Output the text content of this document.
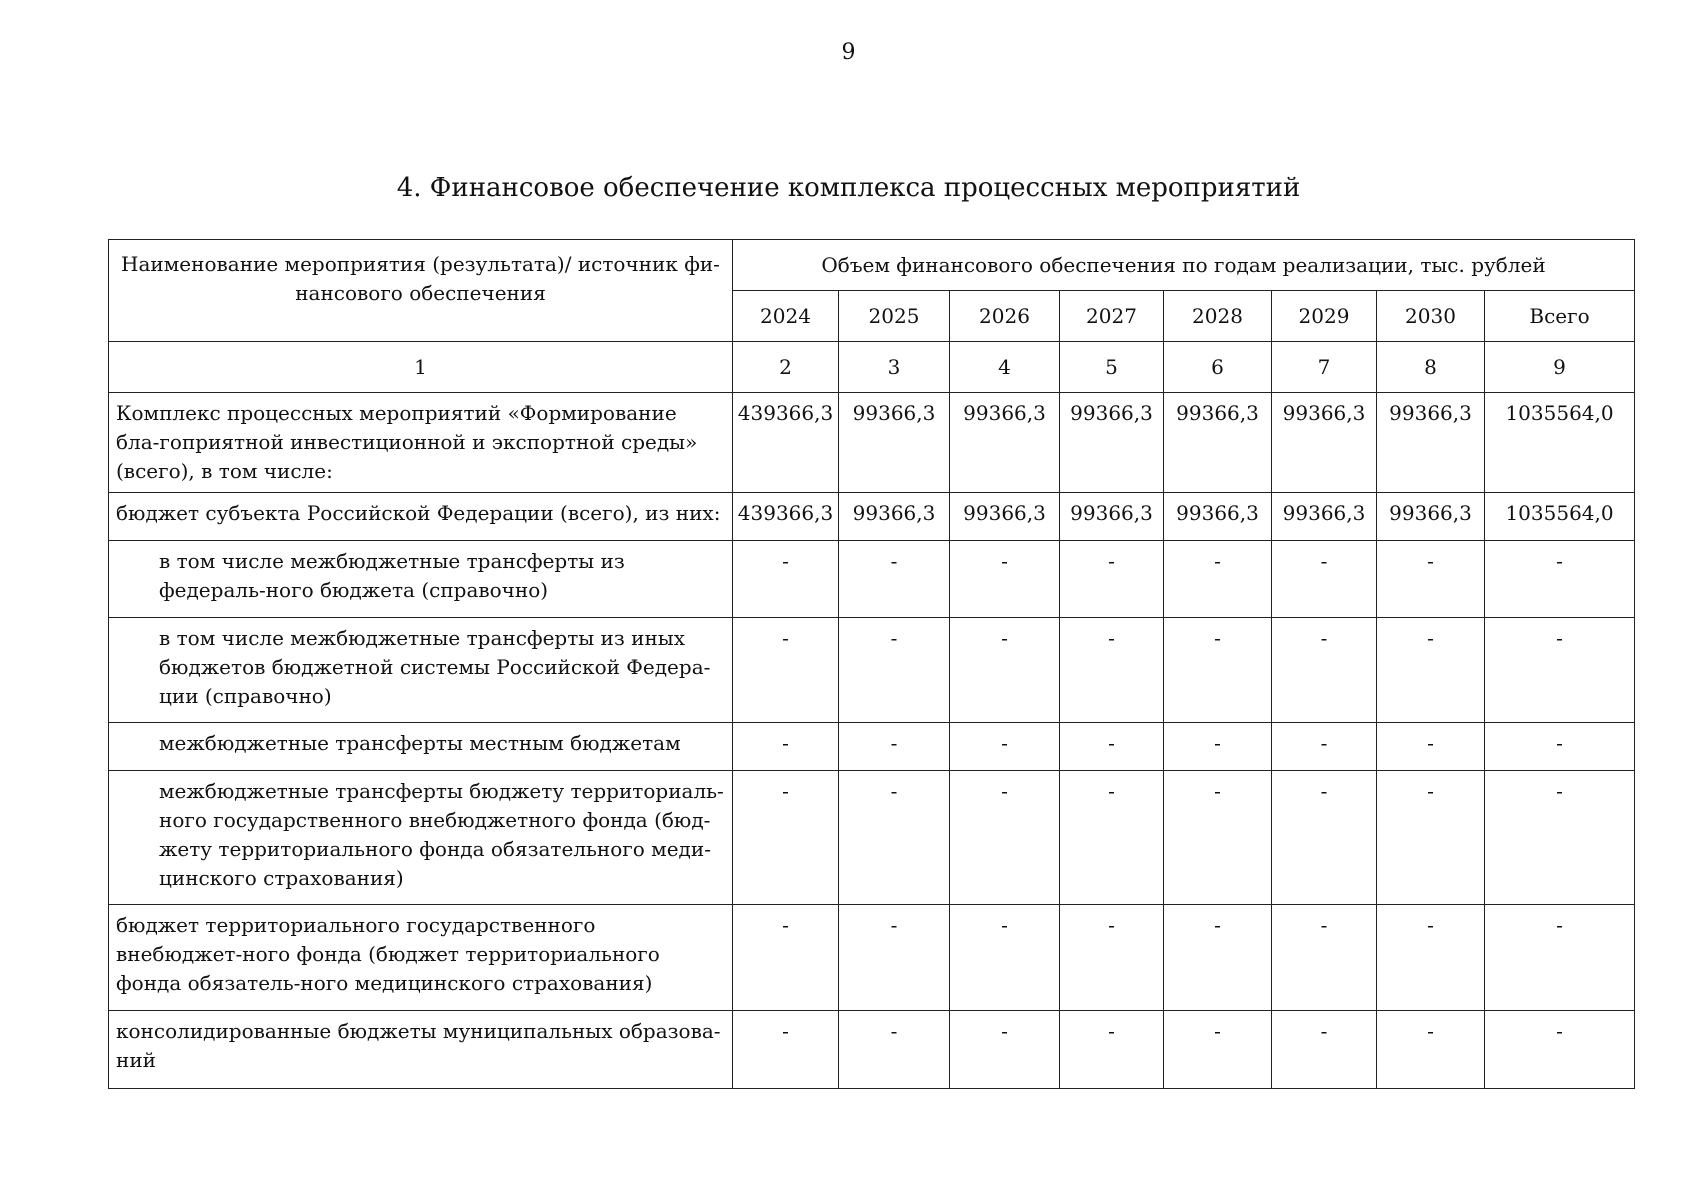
9
4. Финансовое обеспечение комплекса процессных мероприятий
Наименование мероприятия (результата)/ источник фи-нансового обеспечения	Объем финансового обеспечения по годам реализации, тыс. рублей							
	2024	2025	2026	2027	2028	2029	2030	Всего
1	2	3	4	5	6	7	8	9
Комплекс процессных мероприятий «Формирование бла-гоприятной инвестиционной и экспортной среды» (всего), в том числе:	439366,3	99366,3	99366,3	99366,3	99366,3	99366,3	99366,3	1035564,0
бюджет субъекта Российской Федерации (всего), из них:	439366,3	99366,3	99366,3	99366,3	99366,3	99366,3	99366,3	1035564,0
в том числе межбюджетные трансферты из федераль-ного бюджета (справочно)	-	-	-	-	-	-	-	-
в том числе межбюджетные трансферты из иных бюджетов бюджетной системы Российской Федера-ции (справочно)	-	-	-	-	-	-	-	-
межбюджетные трансферты местным бюджетам	-	-	-	-	-	-	-	-
межбюджетные трансферты бюджету территориаль-ного государственного внебюджетного фонда (бюд-жету территориального фонда обязательного меди-цинского страхования)	-	-	-	-	-	-	-	-
бюджет территориального государственного внебюджет-ного фонда (бюджет территориального фонда обязатель-ного медицинского страхования)	-	-	-	-	-	-	-	-
консолидированные бюджеты муниципальных образова-ний	-	-	-	-	-	-	-	-
